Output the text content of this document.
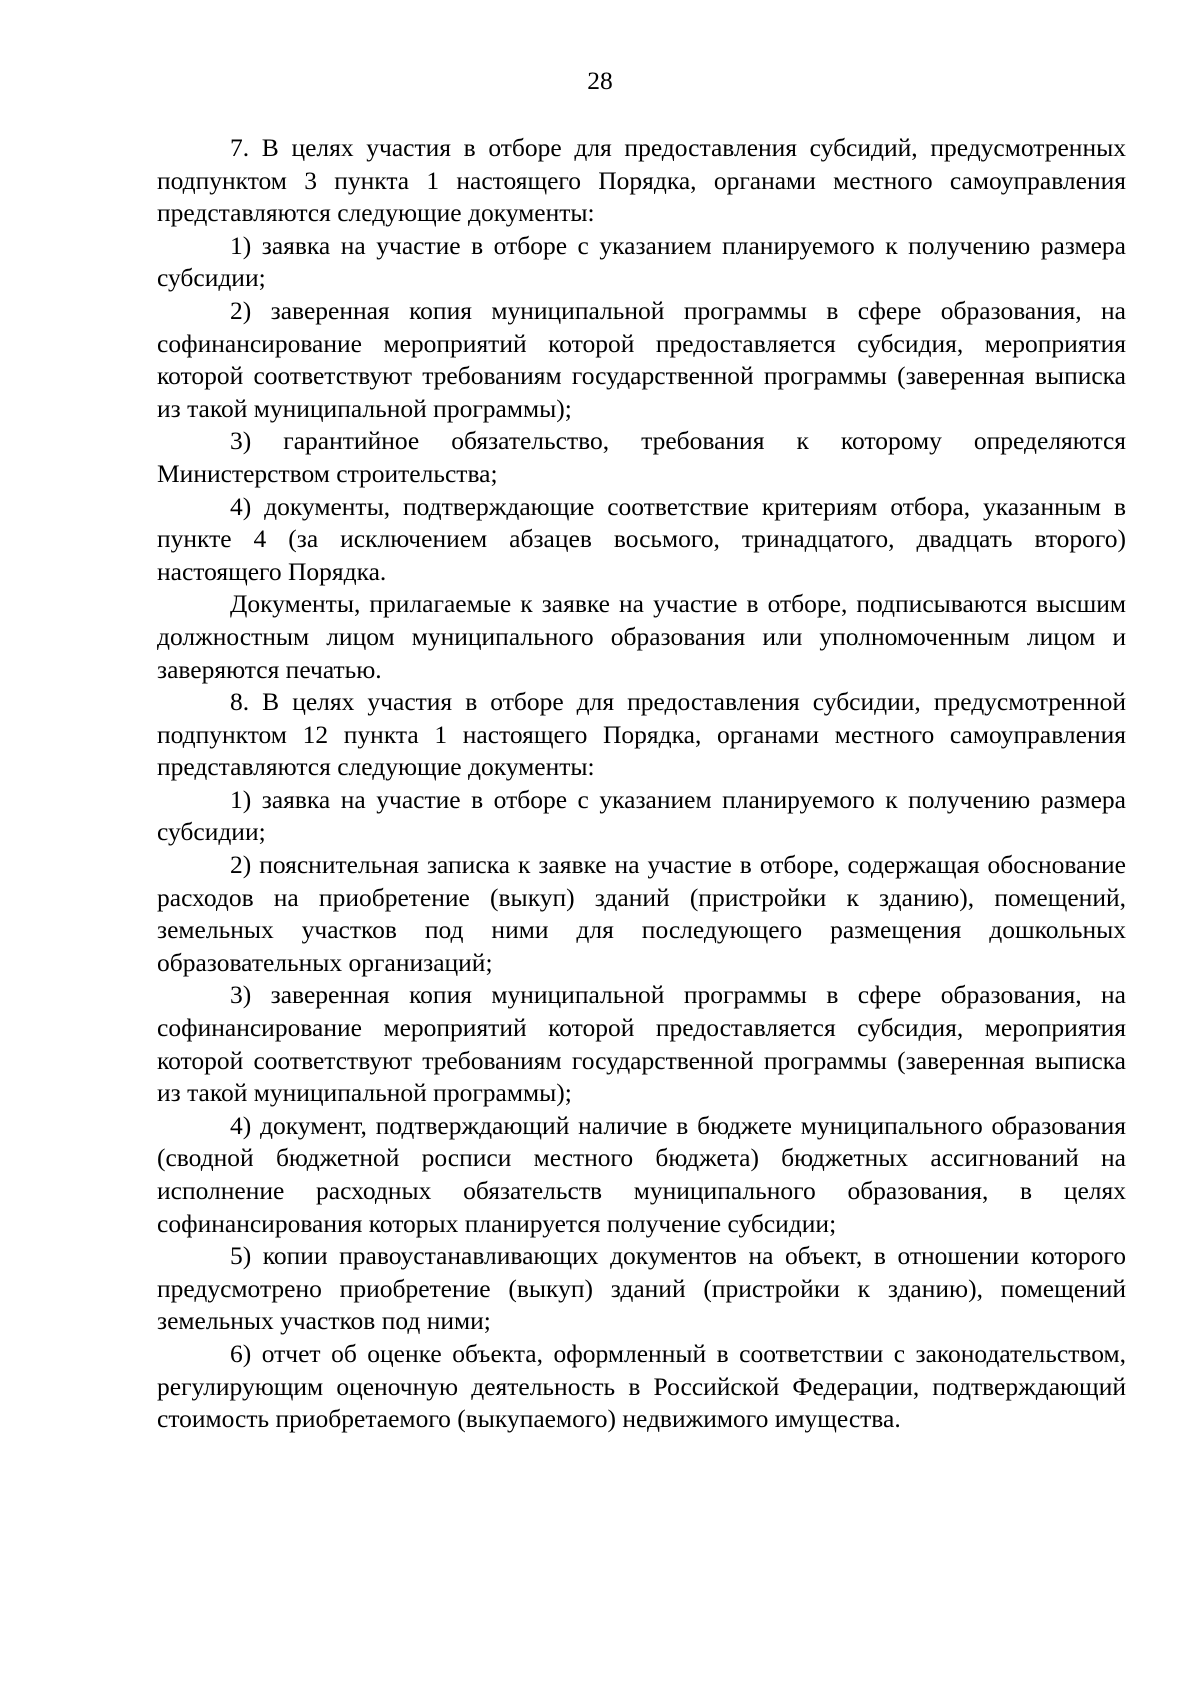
28

7. В целях участия в отборе для предоставления субсидий, предусмотренных подпунктом 3 пункта 1 настоящего Порядка, органами местного самоуправления представляются следующие документы:

1) заявка на участие в отборе с указанием планируемого к получению размера субсидии;

2) заверенная копия муниципальной программы в сфере образования, на софинансирование мероприятий которой предоставляется субсидия, мероприятия которой соответствуют требованиям государственной программы (заверенная выписка из такой муниципальной программы);

3) гарантийное обязательство, требования к которому определяются Министерством строительства;

4) документы, подтверждающие соответствие критериям отбора, указанным в пункте 4 (за исключением абзацев восьмого, тринадцатого, двадцать второго) настоящего Порядка.

Документы, прилагаемые к заявке на участие в отборе, подписываются высшим должностным лицом муниципального образования или уполномоченным лицом и заверяются печатью.

8. В целях участия в отборе для предоставления субсидии, предусмотренной подпунктом 12 пункта 1 настоящего Порядка, органами местного самоуправления представляются следующие документы:

1) заявка на участие в отборе с указанием планируемого к получению размера субсидии;

2) пояснительная записка к заявке на участие в отборе, содержащая обоснование расходов на приобретение (выкуп) зданий (пристройки к зданию), помещений, земельных участков под ними для последующего размещения дошкольных образовательных организаций;

3) заверенная копия муниципальной программы в сфере образования, на софинансирование мероприятий которой предоставляется субсидия, мероприятия которой соответствуют требованиям государственной программы (заверенная выписка из такой муниципальной программы);

4) документ, подтверждающий наличие в бюджете муниципального образования (сводной бюджетной росписи местного бюджета) бюджетных ассигнований на исполнение расходных обязательств муниципального образования, в целях софинансирования которых планируется получение субсидии;

5) копии правоустанавливающих документов на объект, в отношении которого предусмотрено приобретение (выкуп) зданий (пристройки к зданию), помещений земельных участков под ними;

6) отчет об оценке объекта, оформленный в соответствии с законодательством, регулирующим оценочную деятельность в Российской Федерации, подтверждающий стоимость приобретаемого (выкупаемого) недвижимого имущества.
